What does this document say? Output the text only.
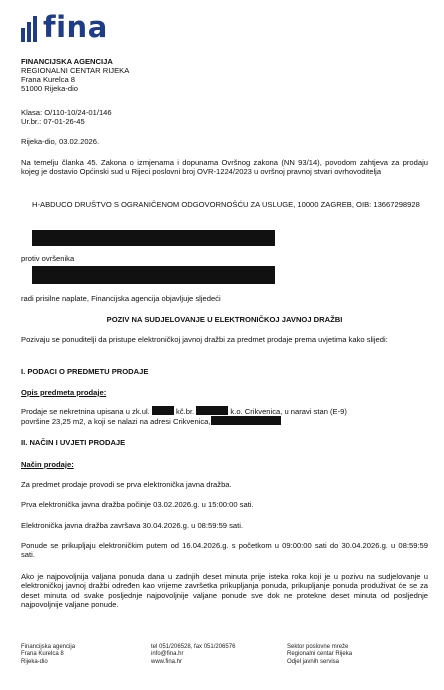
fina
FINANCIJSKA AGENCIJA
REGIONALNI CENTAR RIJEKA
Frana Kurelca 8
51000 Rijeka-dio
Klasa: O/110-10/24-01/146
Ur.br.: 07-01-26-45
Rijeka-dio, 03.02.2026.
Na temelju članka 45. Zakona o izmjenama i dopunama Ovršnog zakona (NN 93/14), povodom zahtjeva za prodaju kojeg je dostavio Općinski sud u Rijeci poslovni broj OVR-1224/2023 u ovršnoj pravnoj stvari ovrhovoditelja
H-ABDUCO DRUŠTVO S OGRANIČENOM ODGOVORNOŠĆU ZA USLUGE, 10000 ZAGREB, OIB: 13667298928
protiv ovršenika
radi prisilne naplate, Financijska agencija objavljuje sljedeći
POZIV NA SUDJELOVANJE U ELEKTRONIČKOJ JAVNOJ DRAŽBI
Pozivaju se ponuditelji da pristupe elektroničkoj javnoj dražbi za predmet prodaje prema uvjetima kako slijedi:
I. PODACI O PREDMETU PRODAJE
Opis predmeta prodaje:
Prodaje se nekretnina upisana u zk.ul.	kč.br.	k.o. Crikvenica, u naravi stan (E-9)
površine 23,25 m2, a koji se nalazi na adresi Crikvenica,
II. NAČIN I UVJETI PRODAJE
Način prodaje:
Za predmet prodaje provodi se prva elektronička javna dražba.
Prva elektronička javna dražba počinje 03.02.2026.g. u 15:00:00 sati.
Elektronička javna dražba završava 30.04.2026.g. u 08:59:59 sati.
Ponude se prikupljaju elektroničkim putem od 16.04.2026.g. s početkom u 09:00:00 sati do 30.04.2026.g. u 08:59:59 sati.
Ako je najpovoljnija valjana ponuda dana u zadnjih deset minuta prije isteka roka koji je u pozivu na sudjelovanje u elektroničkoj javnoj dražbi određen kao vrijeme završetka prikupljanja ponuda, prikupljanje ponuda produživat će se za deset minuta od svake posljednje najpovoljnije valjane ponude sve dok ne protekne deset minuta od posljednje najpovoljnije valjane ponude.
Financijska agencija
Frana Kurelca 8
Rijeka-dio
tel 051/206528, fax 051/206576
info@fina.hr
www.fina.hr
Sektor poslovne mreže
Regionalni centar Rijeka
Odjel javnih servisa
